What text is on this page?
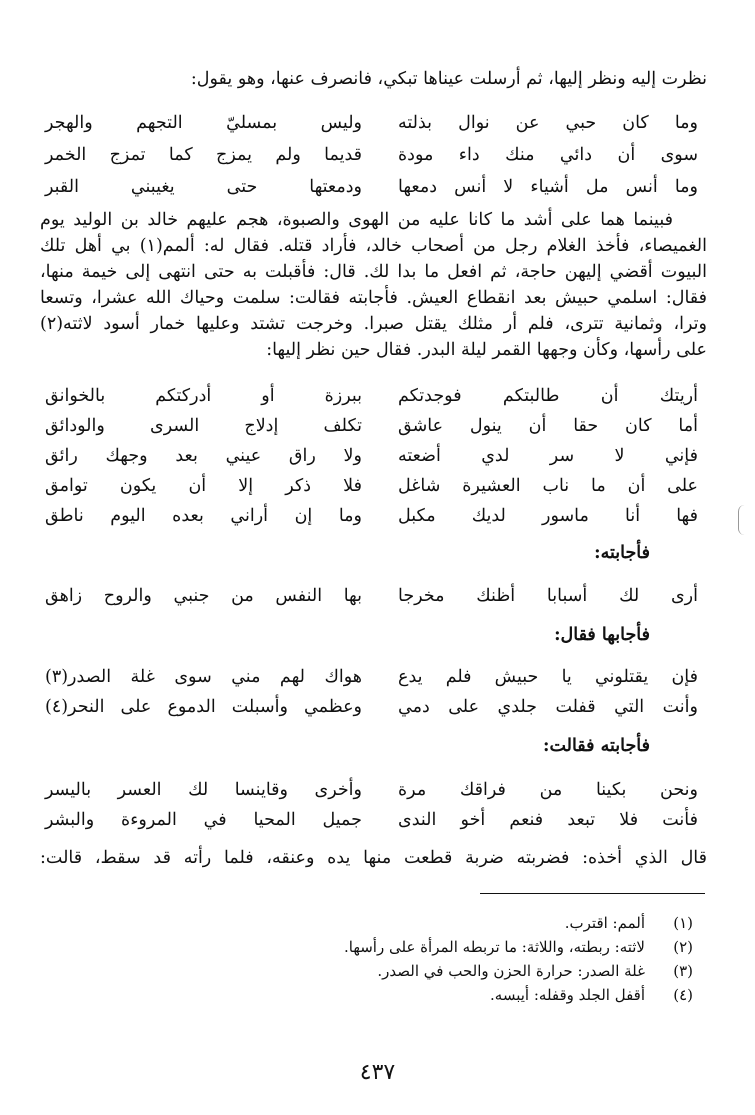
نظرت إليه ونظر إليها، ثم أرسلت عيناها تبكي، فانصرف عنها، وهو يقول:
وما كان حبي عن نوال بذلته
وليس بمسليّ التجهم والهجر
سوى أن دائي منك داء مودة
قديما ولم يمزج كما تمزج الخمر
وما أنس مل أشياء لا أنس دمعها
ودمعتها حتى يغيبني القبر
فبينما هما على أشد ما كانا عليه من الهوى والصبوة، هجم عليهم خالد بن الوليد يوم
الغميصاء، فأخذ الغلام رجل من أصحاب خالد، فأراد قتله. فقال له: ألمم(١) بي أهل تلك
البيوت أقضي إليهن حاجة، ثم افعل ما بدا لك. قال: فأقبلت به حتى انتهى إلى خيمة منها،
فقال: اسلمي حبيش بعد انقطاع العيش. فأجابته فقالت: سلمت وحياك الله عشرا، وتسعا
وترا، وثمانية تترى، فلم أر مثلك يقتل صبرا. وخرجت تشتد وعليها خمار أسود لاثته(٢)
على رأسها، وكأن وجهها القمر ليلة البدر. فقال حين نظر إليها:
أريتك أن طالبتكم فوجدتكم
ببرزة أو أدركتكم بالخوانق
أما كان حقا أن ينول عاشق
تكلف إدلاج السرى والودائق
فإني لا سر لدي أضعته
ولا راق عيني بعد وجهك رائق
على أن ما ناب العشيرة شاغل
فلا ذكر إلا أن يكون توامق
فها أنا ماسور لديك مكبل
وما إن أراني بعده اليوم ناطق
فأجابته:
أرى لك أسبابا أظنك مخرجا
بها النفس من جنبي والروح زاهق
فأجابها فقال:
فإن يقتلوني يا حبيش فلم يدع
هواك لهم مني سوى غلة الصدر(٣)
وأنت التي قفلت جلدي على دمي
وعظمي وأسبلت الدموع على النحر(٤)
فأجابته فقالت:
ونحن بكينا من فراقك مرة
وأخرى وقاينسا لك العسر باليسر
فأنت فلا تبعد فنعم أخو الندى
جميل المحيا في المروءة والبشر
قال الذي أخذه: فضربته ضربة قطعت منها يده وعنقه، فلما رأته قد سقط، قالت:
(١)ألمم: اقترب.
(٢)لاثته: ربطته، واللاثة: ما تربطه المرأة على رأسها.
(٣)غلة الصدر: حرارة الحزن والحب في الصدر.
(٤)أقفل الجلد وقفله: أيبسه.
٤٣٧
